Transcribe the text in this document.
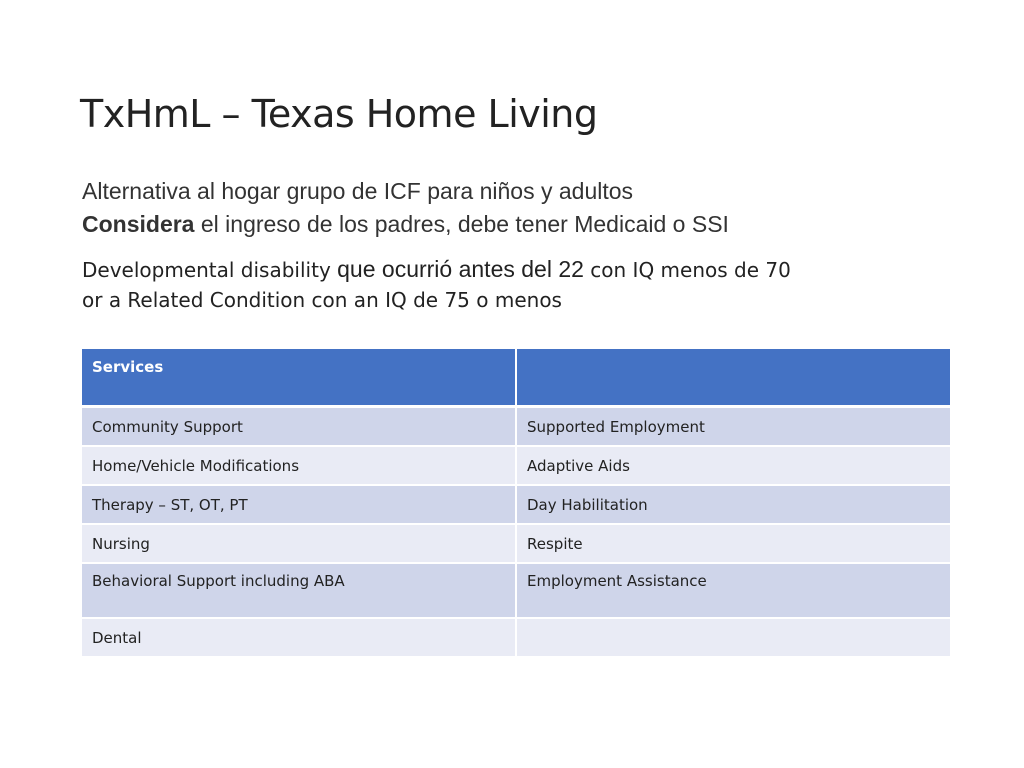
TxHmL – Texas Home Living

Alternativa al hogar grupo de ICF para niños y adultos

Considera el ingreso de los padres, debe tener Medicaid o SSI

Developmental disability que ocurrió antes del 22 con IQ menos de 70
or a Related Condition con an IQ de 75 o menos

Services	
Community Support	Supported Employment
Home/Vehicle Modifications	Adaptive Aids
Therapy – ST, OT, PT	Day Habilitation
Nursing	Respite
Behavioral Support including ABA	Employment Assistance
Dental	
